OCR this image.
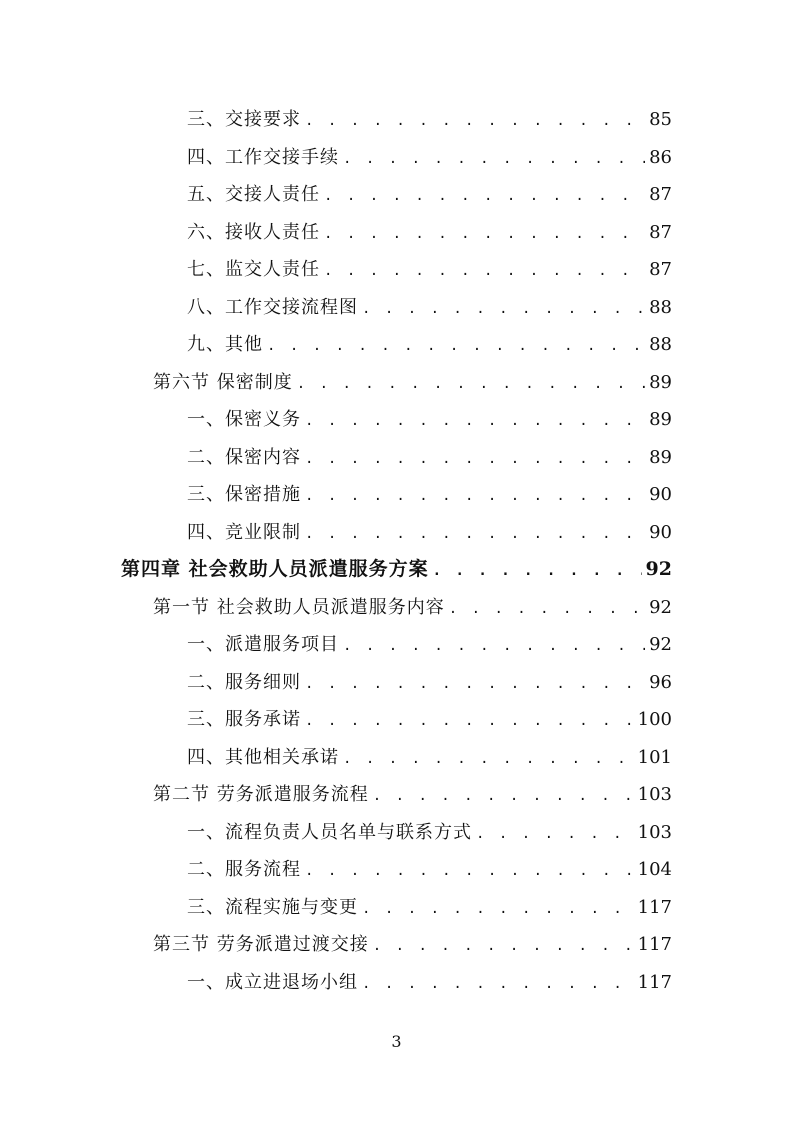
三、交接要求 . . .	85
四、工作交接手续 . . .	86
五、交接人责任 . . .	87
六、接收人责任 . . .	87
七、监交人责任 . . .	87
八、工作交接流程图 . . .	88
九、其他 . . .	88
第六节 保密制度 . . .	89
一、保密义务 . . .	89
二、保密内容 . . .	89
三、保密措施 . . .	90
四、竞业限制 . . .	90
第四章 社会救助人员派遣服务方案 . . .	92
第一节 社会救助人员派遣服务内容 . . .	92
一、派遣服务项目 . . .	92
二、服务细则 . . .	96
三、服务承诺 . . .	100
四、其他相关承诺 . . .	101
第二节 劳务派遣服务流程 . . .	103
一、流程负责人员名单与联系方式 . . .	103
二、服务流程 . . .	104
三、流程实施与变更 . . .	117
第三节 劳务派遣过渡交接 . . .	117
一、成立进退场小组 . . .	117
3
